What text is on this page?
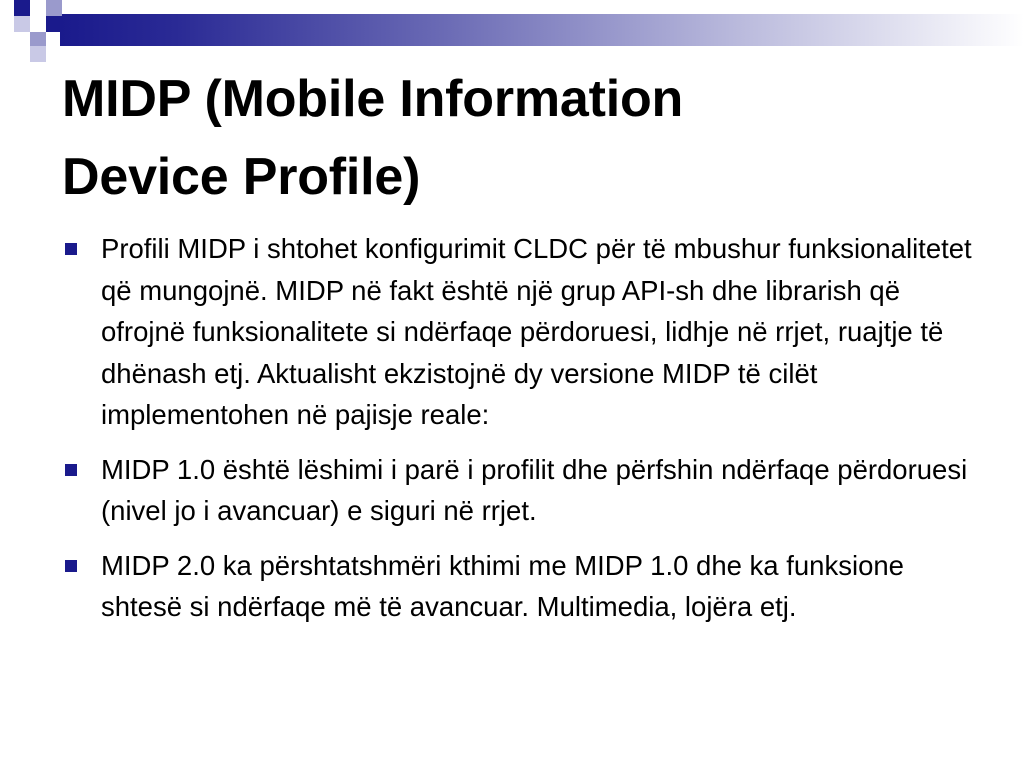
MIDP (Mobile Information
Device Profile)
Profili MIDP i shtohet konfigurimit CLDC për të mbushur funksionalitetet që mungojnë. MIDP në fakt është një grup API-sh dhe librarish që ofrojnë funksionalitete si ndërfaqe përdoruesi, lidhje në rrjet, ruajtje të dhënash etj. Aktualisht ekzistojnë dy versione MIDP të cilët implementohen në pajisje reale:
MIDP 1.0 është lëshimi i parë i profilit dhe përfshin ndërfaqe përdoruesi (nivel jo i avancuar) e siguri në rrjet.
MIDP 2.0 ka përshtatshmëri kthimi me MIDP 1.0 dhe ka funksione shtesë si ndërfaqe më të avancuar. Multimedia, lojëra etj.
